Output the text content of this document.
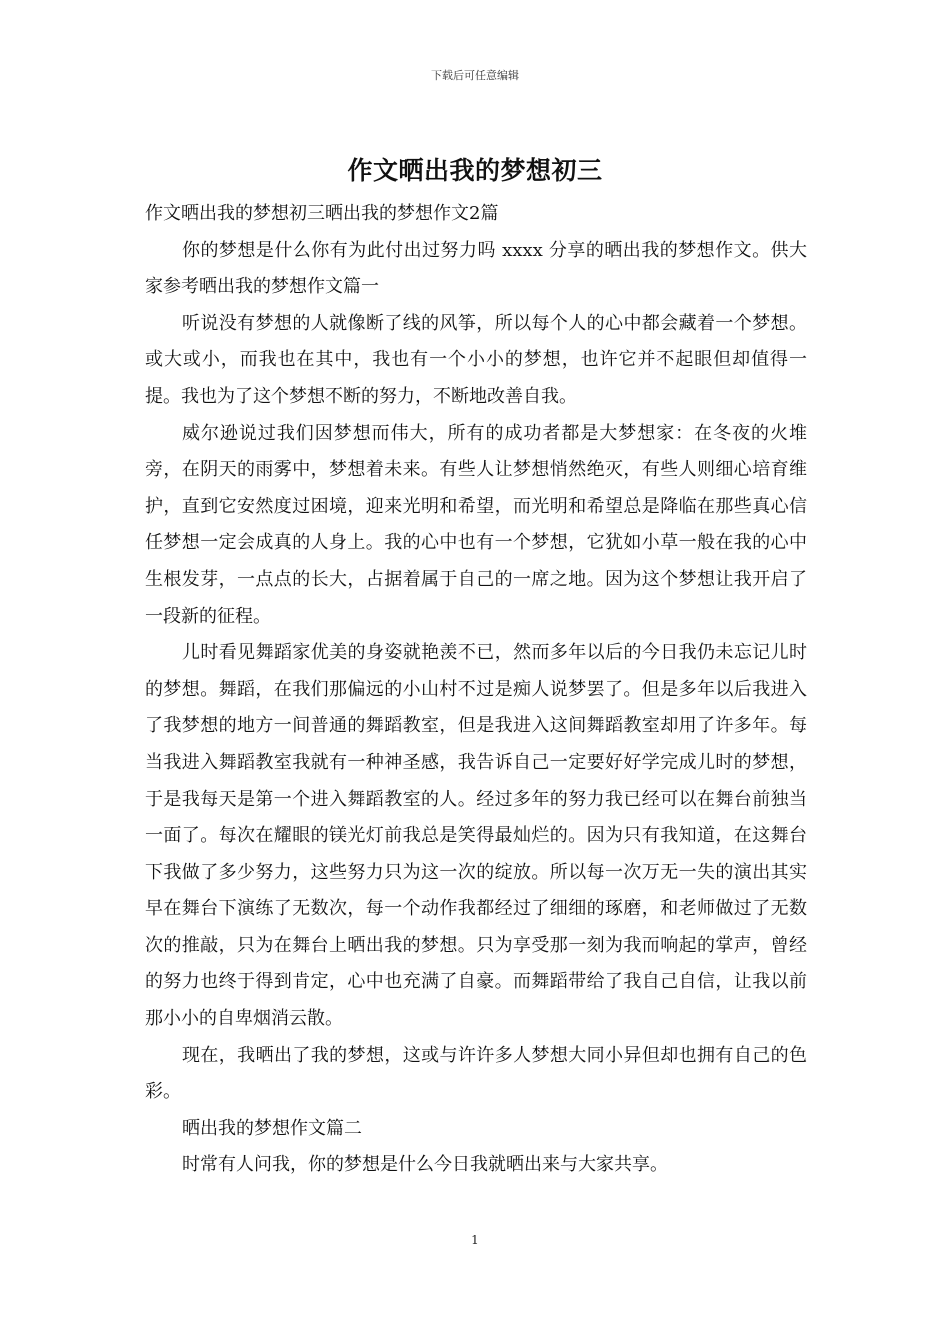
下载后可任意编辑
作文晒出我的梦想初三

作文晒出我的梦想初三晒出我的梦想作文2篇

你的梦想是什么你有为此付出过努力吗 xxxx 分享的晒出我的梦想作文。供大家参考晒出我的梦想作文篇一

听说没有梦想的人就像断了线的风筝，所以每个人的心中都会藏着一个梦想。或大或小，而我也在其中，我也有一个小小的梦想，也许它并不起眼但却值得一提。我也为了这个梦想不断的努力，不断地改善自我。

威尔逊说过我们因梦想而伟大，所有的成功者都是大梦想家：在冬夜的火堆旁，在阴天的雨雾中，梦想着未来。有些人让梦想悄然绝灭，有些人则细心培育维护，直到它安然度过困境，迎来光明和希望，而光明和希望总是降临在那些真心信任梦想一定会成真的人身上。我的心中也有一个梦想，它犹如小草一般在我的心中生根发芽，一点点的长大，占据着属于自己的一席之地。因为这个梦想让我开启了一段新的征程。

儿时看见舞蹈家优美的身姿就艳羡不已，然而多年以后的今日我仍未忘记儿时的梦想。舞蹈，在我们那偏远的小山村不过是痴人说梦罢了。但是多年以后我进入了我梦想的地方一间普通的舞蹈教室，但是我进入这间舞蹈教室却用了许多年。每当我进入舞蹈教室我就有一种神圣感，我告诉自己一定要好好学完成儿时的梦想，于是我每天是第一个进入舞蹈教室的人。经过多年的努力我已经可以在舞台前独当一面了。每次在耀眼的镁光灯前我总是笑得最灿烂的。因为只有我知道，在这舞台下我做了多少努力，这些努力只为这一次的绽放。所以每一次万无一失的演出其实早在舞台下演练了无数次，每一个动作我都经过了细细的琢磨，和老师做过了无数次的推敲，只为在舞台上晒出我的梦想。只为享受那一刻为我而响起的掌声，曾经的努力也终于得到肯定，心中也充满了自豪。而舞蹈带给了我自己自信，让我以前那小小的自卑烟消云散。

现在，我晒出了我的梦想，这或与许许多人梦想大同小异但却也拥有自己的色彩。

晒出我的梦想作文篇二

时常有人问我，你的梦想是什么今日我就晒出来与大家共享。

1
